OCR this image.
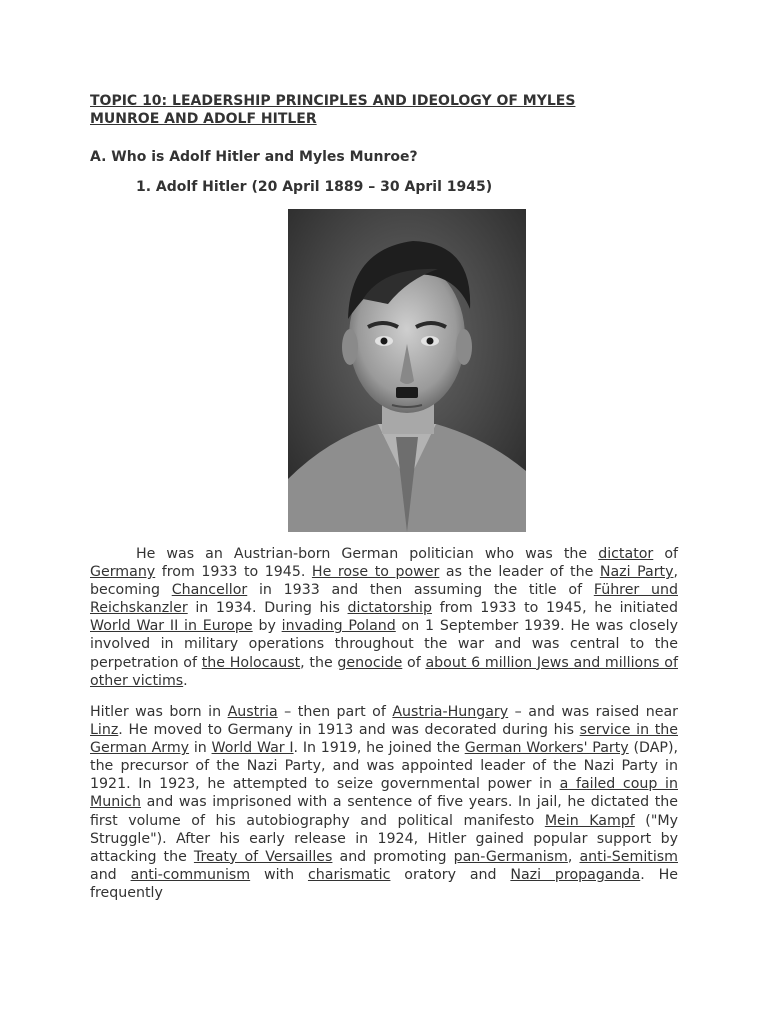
TOPIC 10: LEADERSHIP PRINCIPLES AND IDEOLOGY OF MYLES MUNROE AND ADOLF HITLER
A. Who is Adolf Hitler and Myles Munroe?
1. Adolf Hitler (20 April 1889 – 30 April 1945)

He was an Austrian-born German politician who was the dictator of Germany from 1933 to 1945. He rose to power as the leader of the Nazi Party, becoming Chancellor in 1933 and then assuming the title of Führer und Reichskanzler in 1934. During his dictatorship from 1933 to 1945, he initiated World War II in Europe by invading Poland on 1 September 1939. He was closely involved in military operations throughout the war and was central to the perpetration of the Holocaust, the genocide of about 6 million Jews and millions of other victims.

Hitler was born in Austria – then part of Austria-Hungary – and was raised near Linz. He moved to Germany in 1913 and was decorated during his service in the German Army in World War I. In 1919, he joined the German Workers' Party (DAP), the precursor of the Nazi Party, and was appointed leader of the Nazi Party in 1921. In 1923, he attempted to seize governmental power in a failed coup in Munich and was imprisoned with a sentence of five years. In jail, he dictated the first volume of his autobiography and political manifesto Mein Kampf ("My Struggle"). After his early release in 1924, Hitler gained popular support by attacking the Treaty of Versailles and promoting pan-Germanism, anti-Semitism and anti-communism with charismatic oratory and Nazi propaganda. He frequently
